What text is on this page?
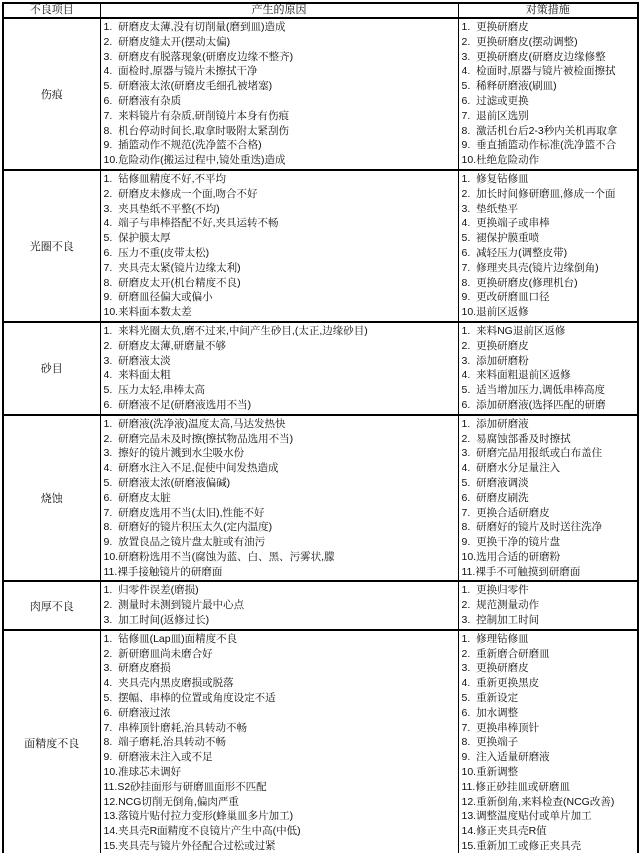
不良项目	产生的原因	对策措施
伤痕	
1.  研磨皮太薄,没有切削量(磨到皿)造成
2.  研磨皮缝太开(摆动太偏)
3.  研磨皮有脱落现象(研磨皮边缘不整齐)
4.  面检时,原器与镜片未擦拭干净
5.  研磨液太浓(研磨皮毛细孔被堵塞)
6.  研磨液有杂质
7.  来料镜片有杂质,研削镜片本身有伤痕
8.  机台停动时间长,取拿时吸附太紧刮伤
9.  插篮动作不规范(洗净篮不合格)
10.危险动作(搬运过程中,镜处重迭)造成

1.  更换研磨皮
2.  更换研磨皮(摆动调整)
3.  更换研磨皮(研磨皮边缘修整
4.  检面时,原器与镜片被检面擦拭
5.  稀释研磨液(刷皿)
6.  过滤或更换
7.  退前区选别
8.  激活机台后2-3秒内关机再取拿
9.  垂直插篮动作标准(洗净篮不合
10.杜绝危险动作

光圈不良	
1.  钻修皿精度不好,不平均
2.  研磨皮未修成一个面,吻合不好
3.  夹具垫纸不平整(不均)
4.  端子与串棒搭配不好,夹具运转不畅
5.  保护膜太厚
6.  压力不重(皮带太松)
7.  夹具壳太紧(镜片边缘太利)
8.  研磨皮太开(机台精度不良)
9.  研磨皿径偏大或偏小
10.来料面本数太差

1.  修复钻修皿
2.  加长时间修研磨皿,修成一个面
3.  垫纸垫平
4.  更换端子或串棒
5.  褪保护膜重喷
6.  减轻压力(调整皮带)
7.  修理夹具壳(镜片边缘倒角)
8.  更换研磨皮(修理机台)
9.  更改研磨皿口径
10.退前区返修

砂目	
1.  来料光圈太负,磨不过来,中间产生砂目,(太正,边缘砂目)
2.  研磨皮太薄,研磨量不够
3.  研磨液太淡
4.  来料面太粗
5.  压力太轻,串棒太高
6.  研磨液不足(研磨液选用不当)

1.  来料NG退前区返修
2.  更换研磨皮
3.  添加研磨粉
4.  来料面粗退前区返修
5.  适当增加压力,调低串棒高度
6.  添加研磨液(选择匹配的研磨

烧蚀	
1.  研磨液(洗净液)温度太高,马达发热快
2.  研磨完品未及时擦(擦拭物品选用不当)
3.  擦好的镜片溅到水尘吸水份
4.  研磨水注入不足,促使中间发热造成
5.  研磨液太浓(研磨液偏碱)
6.  研磨皮太脏
7.  研磨皮选用不当(太旧),性能不好
8.  研磨好的镜片积压太久(定内温度)
9.  放置良品之镜片盘太脏或有油污
10.研磨粉选用不当(腐蚀为蓝、白、黑、污雾状,朦
11.裸手接触镜片的研磨面

1.  添加研磨液
2.  易腐蚀部番及时擦拭
3.  研磨完品用报纸或白布盖住
4.  研磨水分足量注入
5.  研磨液调淡
6.  研磨皮刷洗
7.  更换合适研磨皮
8.  研磨好的镜片及时送往洗净
9.  更换干净的镜片盘
10.选用合适的研磨粉
11.裸手不可触摸到研磨面

肉厚不良	
1.  归零件误差(磨损)
2.  测量时未测到镜片最中心点
3.  加工时间(返修过长)

1.  更换归零件
2.  规范测量动作
3.  控制加工时间

面精度不良	
1.  钻修皿(Lap皿)面精度不良
2.  新研磨皿尚未磨合好
3.  研磨皮磨损
4.  夹具壳内黑皮磨损或脱落
5.  摆幅、串棒的位置或角度设定不适
6.  研磨液过浓
7.  串棒顶针磨耗,治具转动不畅
8.  端子磨耗,治具转动不畅
9.  研磨液未注入或不足
10.准球芯未调好
11.S2砂挂面形与研磨皿面形不匹配
12.NCG切削无倒角,偏肉严重
13.落镜片贴付拉力变形(蜂巢皿多片加工)
14.夹具壳R面精度不良镜片产生中高(中低)
15.夹具壳与镜片外径配合过松或过紧

1.  修理钻修皿
2.  重新磨合研磨皿
3.  更换研磨皮
4.  重新更换黑皮
5.  重新设定
6.  加水调整
7.  更换串棒顶针
8.  更换端子
9.  注入适量研磨液
10.重新调整
11.修正砂挂皿或研磨皿
12.重新倒角,来料检查(NCG改善)
13.调整温度贴付或单片加工
14.修正夹具壳R值
15.重新加工或修正夹具壳
